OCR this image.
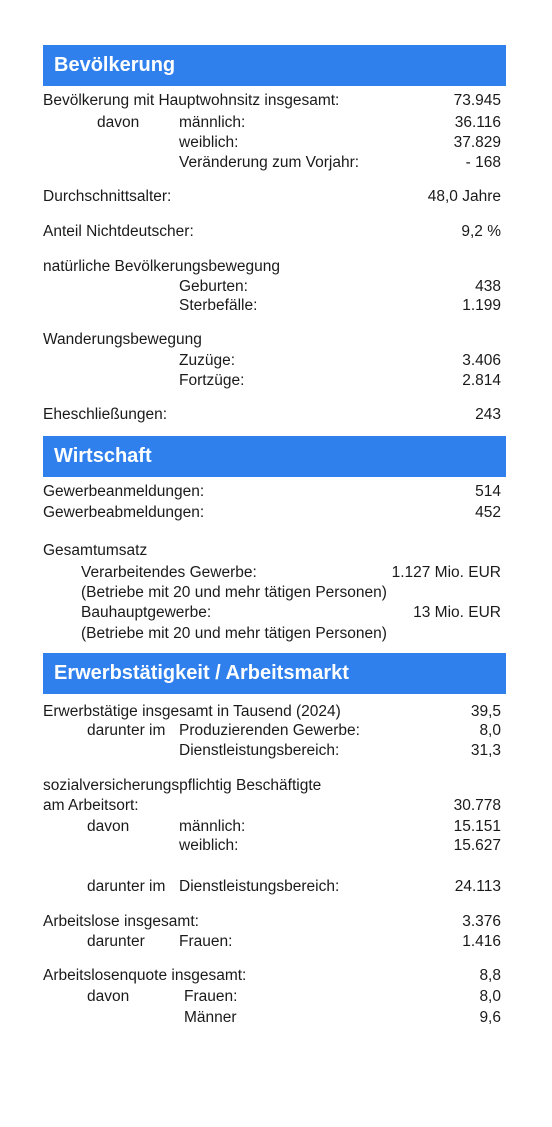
Bevölkerung
Bevölkerung mit Hauptwohnsitz insgesamt:	73.945
davon	männlich:	36.116
weiblich:	37.829
Veränderung zum Vorjahr:	- 168
Durchschnittsalter:	48,0 Jahre
Anteil Nichtdeutscher:	9,2 %
natürliche Bevölkerungsbewegung
Geburten:	438
Sterbefälle:	1.199
Wanderungsbewegung
Zuzüge:	3.406
Fortzüge:	2.814
Eheschließungen:	243
Wirtschaft
Gewerbeanmeldungen:	514
Gewerbeabmeldungen:	452
Gesamtumsatz
Verarbeitendes Gewerbe:	1.127 Mio. EUR
(Betriebe mit 20 und mehr tätigen Personen)
Bauhauptgewerbe:	13 Mio. EUR
(Betriebe mit 20 und mehr tätigen Personen)
Erwerbstätigkeit / Arbeitsmarkt
Erwerbstätige insgesamt in Tausend (2024)	39,5
darunter im Produzierenden Gewerbe:	8,0
Dienstleistungsbereich:	31,3
sozialversicherungspflichtig Beschäftigte
am Arbeitsort:	30.778
davon	männlich:	15.151
weiblich:	15.627
darunter im Dienstleistungsbereich:	24.113
Arbeitslose insgesamt:	3.376
darunter Frauen:	1.416
Arbeitslosenquote insgesamt:	8,8
davon	Frauen:	8,0
Männer	9,6
